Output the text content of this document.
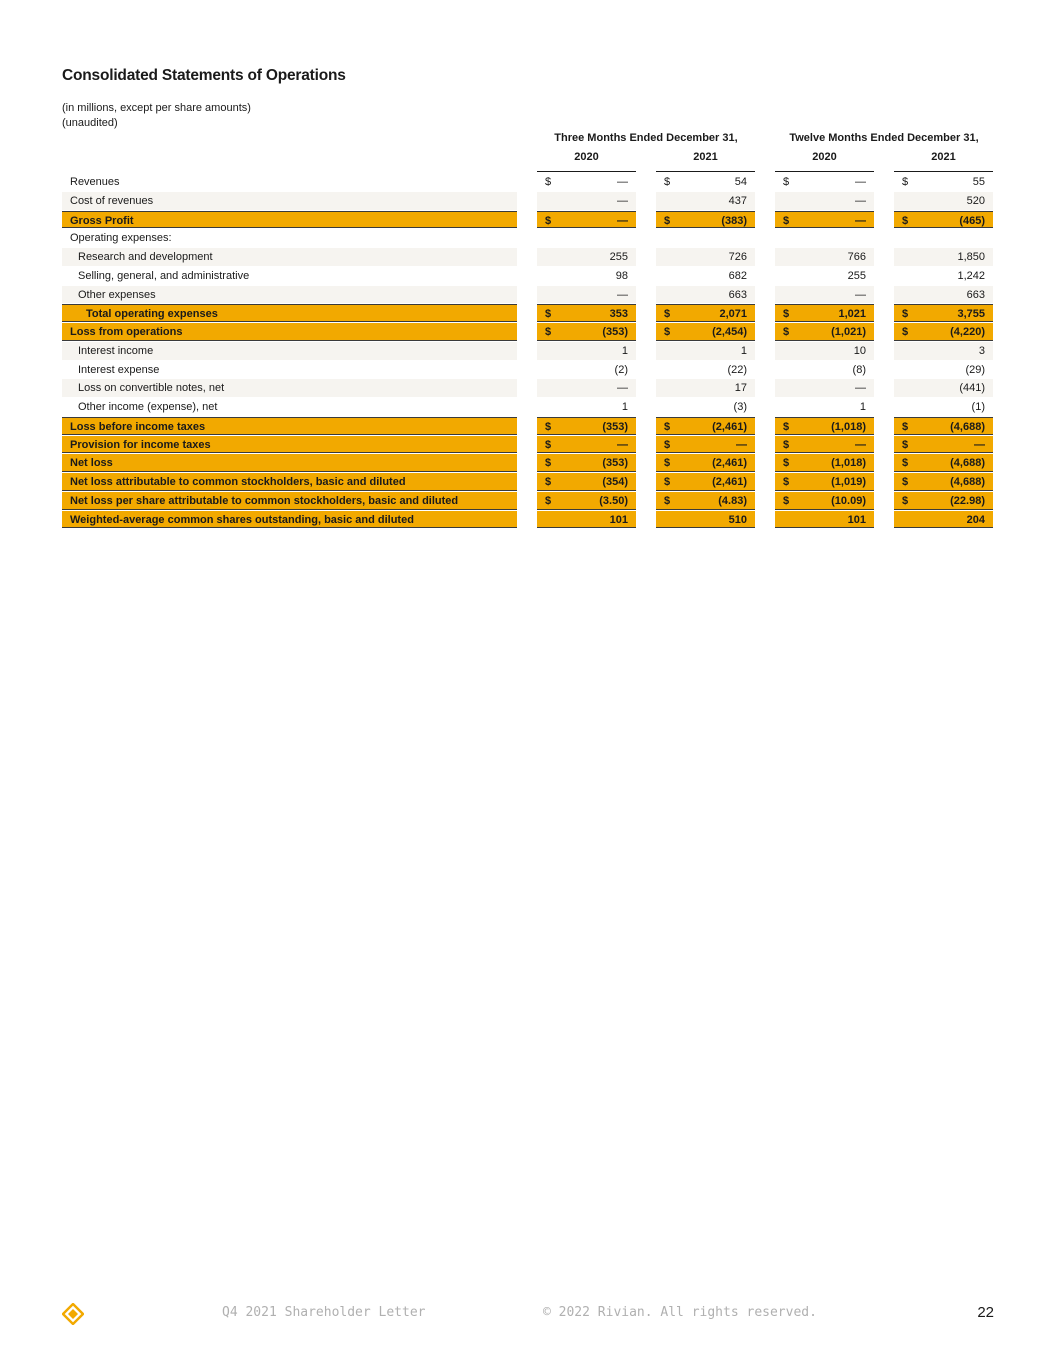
Consolidated Statements of Operations
(in millions, except per share amounts)
(unaudited)
Three Months Ended December 31,	Twelve Months Ended December 31,
2020	2021	2020	2021
Revenues	$	—	$	54	$	—	$	55
Cost of revenues	—	437	—	520
Gross Profit	$	—	$	(383)	$	—	$	(465)
Operating expenses:
Research and development	255	726	766	1,850
Selling, general, and administrative	98	682	255	1,242
Other expenses	—	663	—	663
Total operating expenses	$	353	$	2,071	$	1,021	$	3,755
Loss from operations	$	(353)	$	(2,454)	$	(1,021)	$	(4,220)
Interest income	1	1	10	3
Interest expense	(2)	(22)	(8)	(29)
Loss on convertible notes, net	—	17	—	(441)
Other income (expense), net	1	(3)	1	(1)
Loss before income taxes	$	(353)	$	(2,461)	$	(1,018)	$	(4,688)
Provision for income taxes	$	—	$	—	$	—	$	—
Net loss	$	(353)	$	(2,461)	$	(1,018)	$	(4,688)
Net loss attributable to common stockholders, basic and diluted	$	(354)	$	(2,461)	$	(1,019)	$	(4,688)
Net loss per share attributable to common stockholders, basic and diluted	$	(3.50)	$	(4.83)	$	(10.09)	$	(22.98)
Weighted-average common shares outstanding, basic and diluted	101	510	101	204
Q4 2021 Shareholder Letter	© 2022 Rivian. All rights reserved.	22
